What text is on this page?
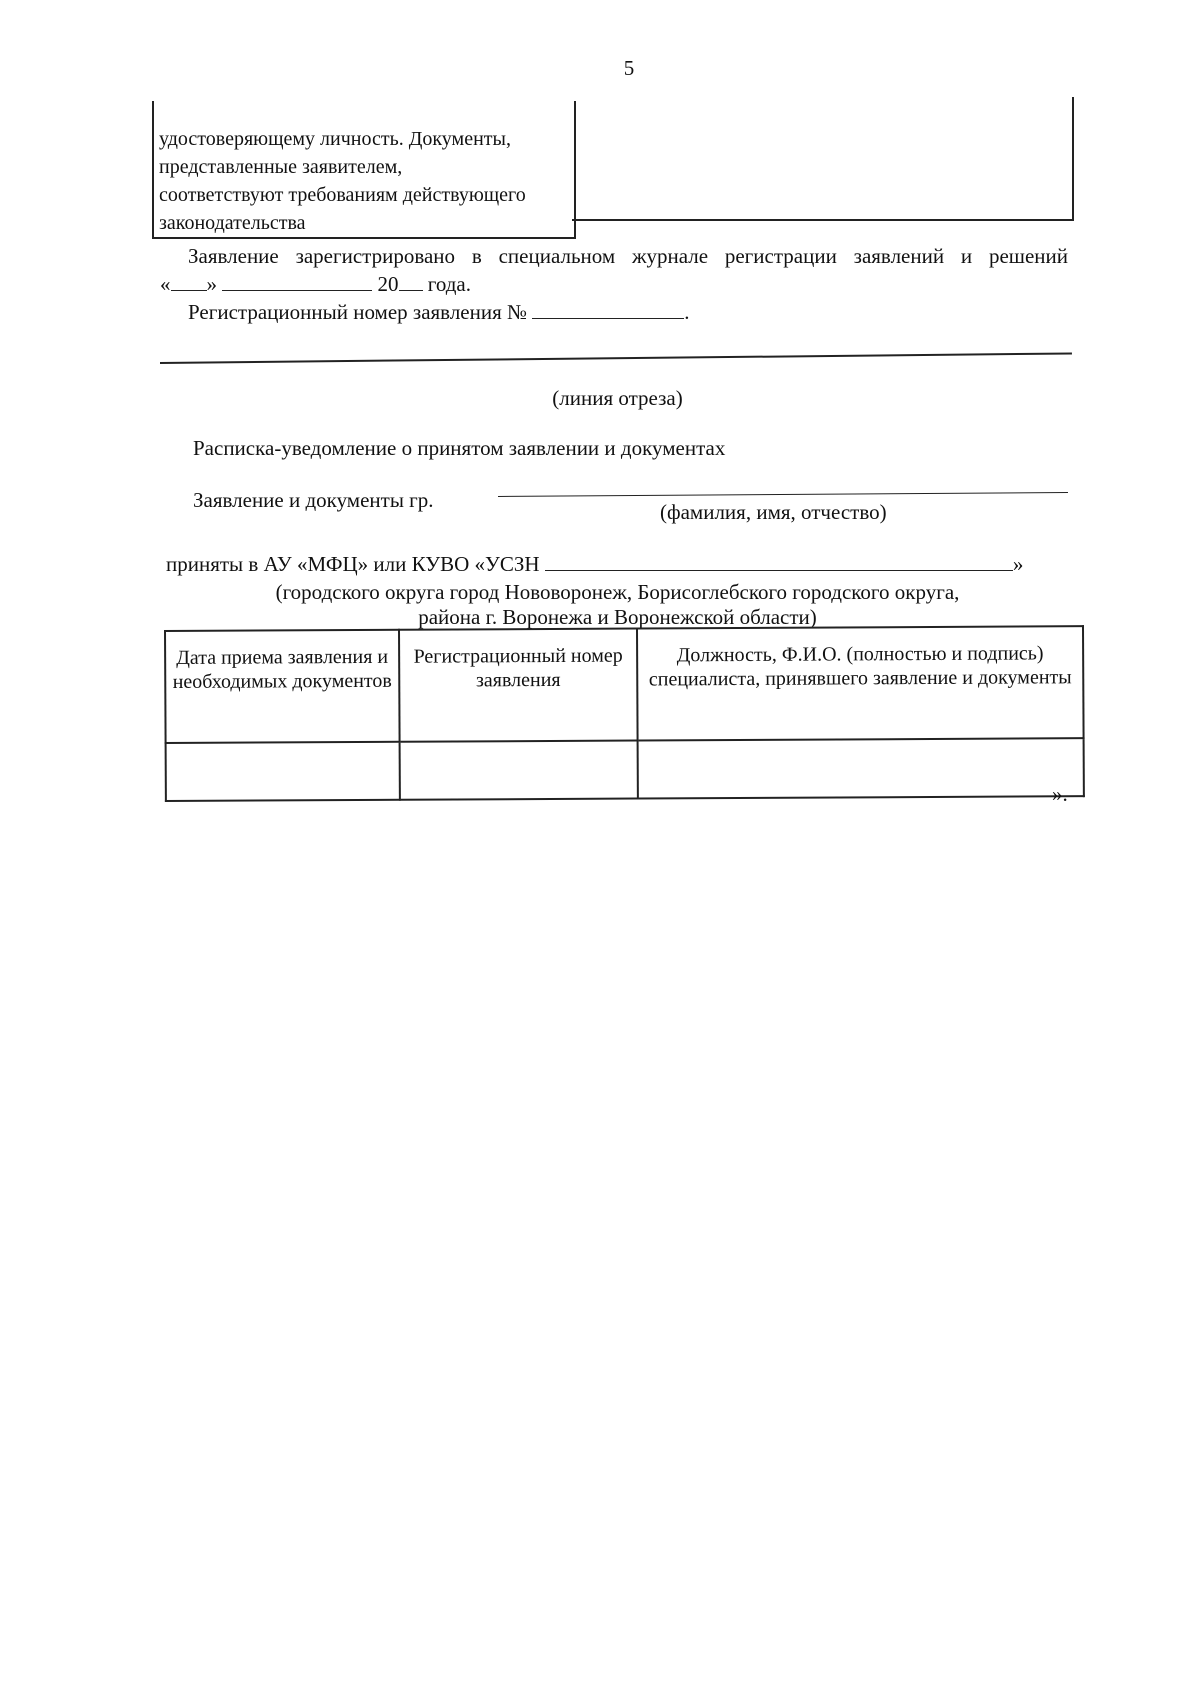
5
удостоверяющему личность. Документы,
представленные заявителем,
соответствуют требованиям действующего
законодательства
Заявление зарегистрировано в специальном журнале регистрации заявлений и решений
« »	20 года.
Регистрационный номер заявления №	.
(линия отреза)
Расписка-уведомление о принятом заявлении и документах
Заявление и документы гр.	(фамилия, имя, отчество)
приняты в АУ «МФЦ» или КУВО «УСЗН	»
(городского округа город Нововоронеж, Борисоглебского городского округа,
района г. Воронежа и Воронежской области)
Дата приема заявления и необходимых документов	Регистрационный номер заявления	Должность, Ф.И.О. (полностью и подпись) специалиста, принявшего заявление и документы

».
